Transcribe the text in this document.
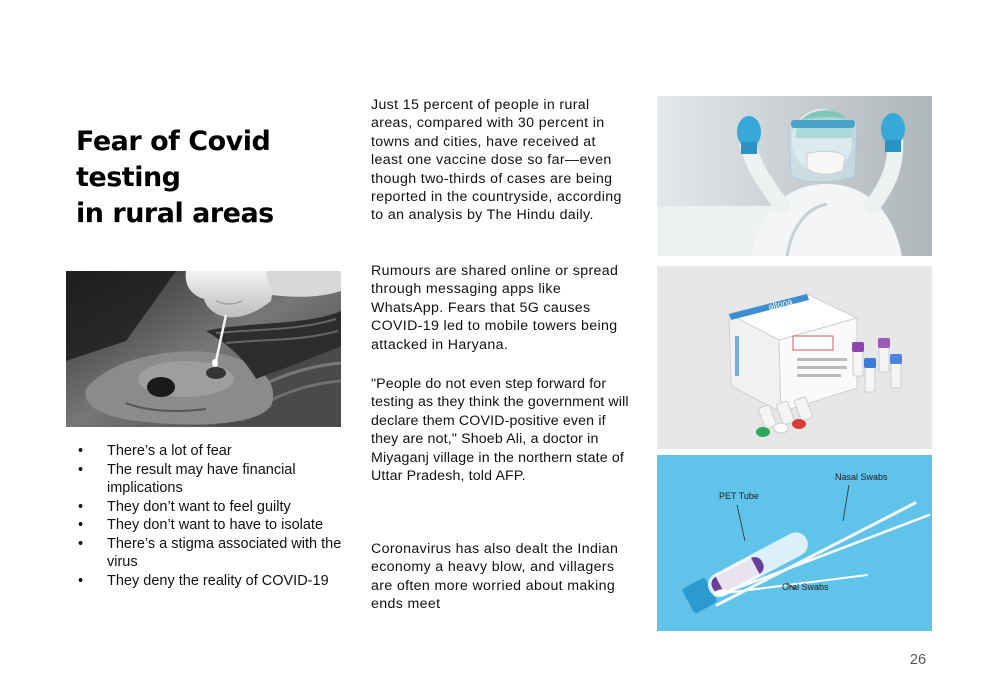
Fear of Covid
testing
in rural areas
• There’s a lot of fear
• The result may have financial implications
• They don’t want to feel guilty
• They don’t want to have to isolate
• There’s a stigma associated with the virus
• They deny the reality of COVID-19

Just 15 percent of people in rural areas, compared with 30 percent in towns and cities, have received at least one vaccine dose so far—even though two-thirds of cases are being reported in the countryside, according to an analysis by The Hindu daily.

Rumours are shared online or spread through messaging apps like WhatsApp. Fears that 5G causes COVID-19 led to mobile towers being attacked in Haryana.

"People do not even step forward for testing as they think the government will declare them COVID-positive even if they are not," Shoeb Ali, a doctor in Miyaganj village in the northern state of Uttar Pradesh, told AFP.

Coronavirus has also dealt the Indian economy a heavy blow, and villagers are often more worried about making ends meet

altona
Nasal Swabs
PET Tube
Oral Swabs
26
